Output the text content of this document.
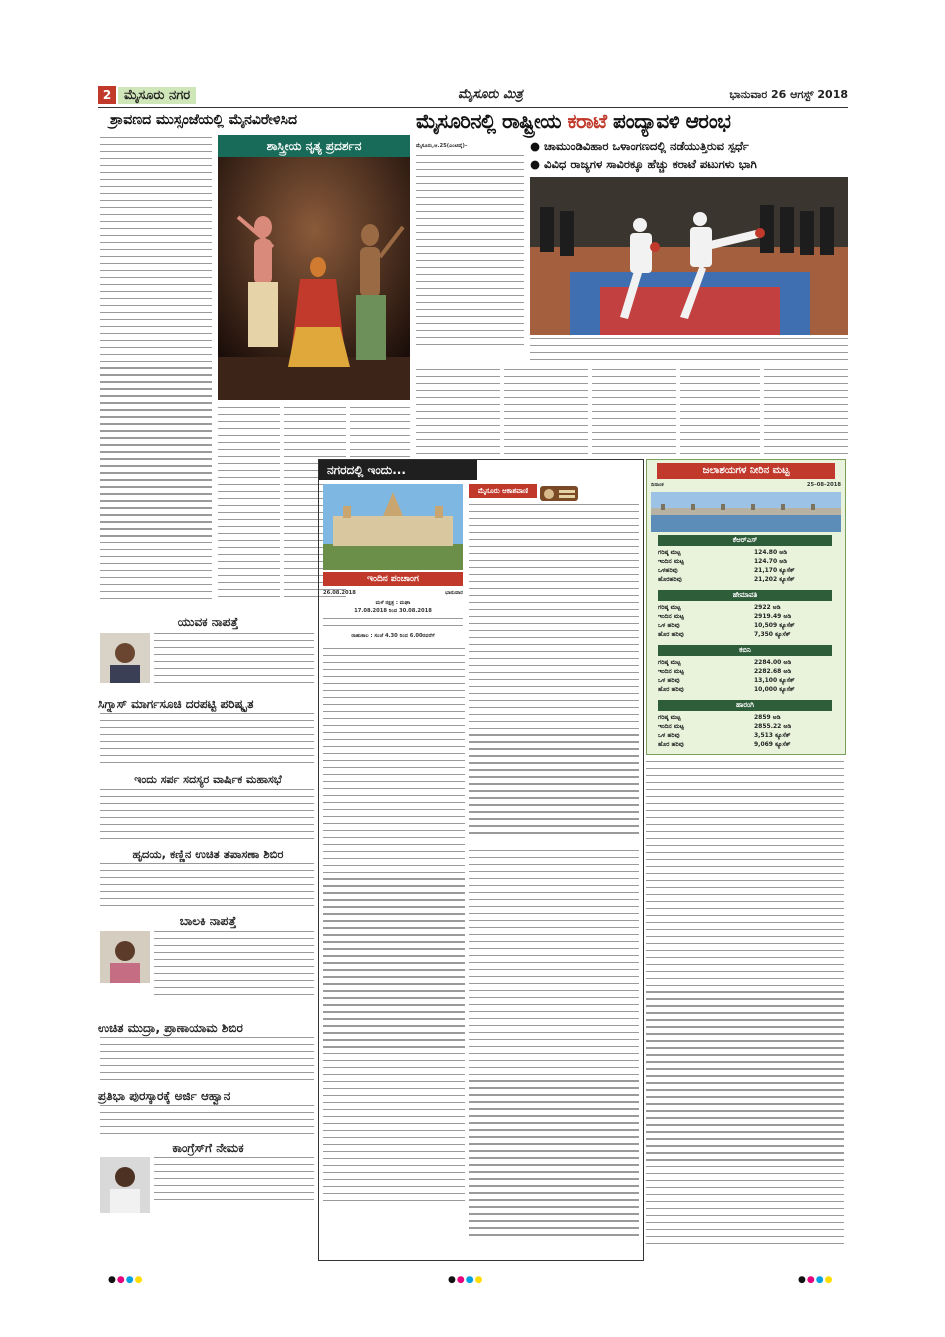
2 ಮೈಸೂರು ನಗರ	ಮೈಸೂರು ಮಿತ್ರ	ಭಾನುವಾರ 26 ಆಗಸ್ಟ್ 2018
ಶ್ರಾವಣದ ಮುಸ್ಸಂಜೆಯಲ್ಲಿ ಮೈನವಿರೇಳಿಸಿದ	ಮೈಸೂರಿನಲ್ಲಿ ರಾಷ್ಟ್ರೀಯ ಕರಾಟೆ ಪಂದ್ಯಾವಳಿ ಆರಂಭ
ಶಾಸ್ತ್ರೀಯ ನೃತ್ಯ ಪ್ರದರ್ಶನ	ಮೈಸೂರು,ಆ.25(ಎಂಟಿವೈ)–	● ಚಾಮುಂಡಿವಿಹಾರ ಒಳಾಂಗಣದಲ್ಲಿ ನಡೆಯುತ್ತಿರುವ ಸ್ಪರ್ಧೆ
● ವಿವಿಧ ರಾಜ್ಯಗಳ ಸಾವಿರಕ್ಕೂ ಹೆಚ್ಚು ಕರಾಟೆ ಪಟುಗಳು ಭಾಗಿ
ಯುವಕ ನಾಪತ್ತೆ
ಸಿಗ್ನಾಸ್ ಮಾರ್ಗಸೂಚಿ ದರಪಟ್ಟಿ ಪರಿಷ್ಕೃತ
ಇಂದು ಸರ್ಪ ಸದಸ್ಯರ ವಾರ್ಷಿಕ ಮಹಾಸಭೆ
ಹೃದಯ, ಕಣ್ಣಿನ ಉಚಿತ ತಪಾಸಣಾ ಶಿಬಿರ
ಬಾಲಕಿ ನಾಪತ್ತೆ
ಉಚಿತ ಮುದ್ರಾ, ಪ್ರಾಣಾಯಾಮ ಶಿಬಿರ
ಪ್ರತಿಭಾ ಪುರಸ್ಕಾರಕ್ಕೆ ಅರ್ಜಿ ಆಹ್ವಾನ
ಕಾಂಗ್ರೆಸ್‌ಗೆ ನೇಮಕ
ನಗರದಲ್ಲಿ ಇಂದು...
ಇಂದಿನ ಪಂಚಾಂಗ
26.08.2018	ಭಾನುವಾರ
ಮಳೆ ನಕ್ಷತ್ರ : ಮಘಾ
17.08.2018 ರಿಂದ 30.08.2018
ರಾಹುಕಾಲ : ಸಂಜೆ 4.30 ರಿಂದ 6.00ರವರೆಗೆ
ಮೈಸೂರು ಆಕಾಶವಾಣಿ
ಜಲಾಶಯಗಳ ನೀರಿನ ಮಟ್ಟ
ದಿನಾಂಕ	25–08–2018
●●●●	●●●●	●●●●
ಕೆಆರ್‌ಎಸ್
ಗರಿಷ್ಠ ಮಟ್ಟ	124.80 ಅಡಿ
ಇಂದಿನ ಮಟ್ಟ	124.70 ಅಡಿ
ಒಳಹರಿವು	21,170 ಕ್ಯೂಸೆಕ್
ಹೊರಹರಿವು	21,202 ಕ್ಯೂಸೆಕ್
ಹೇಮಾವತಿ
ಗರಿಷ್ಠ ಮಟ್ಟ	2922 ಅಡಿ
ಇಂದಿನ ಮಟ್ಟ	2919.49 ಅಡಿ
ಒಳ ಹರಿವು	10,509 ಕ್ಯೂಸೆಕ್
ಹೊರ ಹರಿವು	7,350 ಕ್ಯೂಸೆಕ್
ಕಬಿನಿ
ಗರಿಷ್ಠ ಮಟ್ಟ	2284.00 ಅಡಿ
ಇಂದಿನ ಮಟ್ಟ	2282.68 ಅಡಿ
ಒಳ ಹರಿವು	13,100 ಕ್ಯೂಸೆಕ್
ಹೊರ ಹರಿವು	10,000 ಕ್ಯೂಸೆಕ್
ಹಾರಂಗಿ
ಗರಿಷ್ಠ ಮಟ್ಟ	2859 ಅಡಿ
ಇಂದಿನ ಮಟ್ಟ	2855.22 ಅಡಿ
ಒಳ ಹರಿವು	3,513 ಕ್ಯೂಸೆಕ್
ಹೊರ ಹರಿವು	9,069 ಕ್ಯೂಸೆಕ್
